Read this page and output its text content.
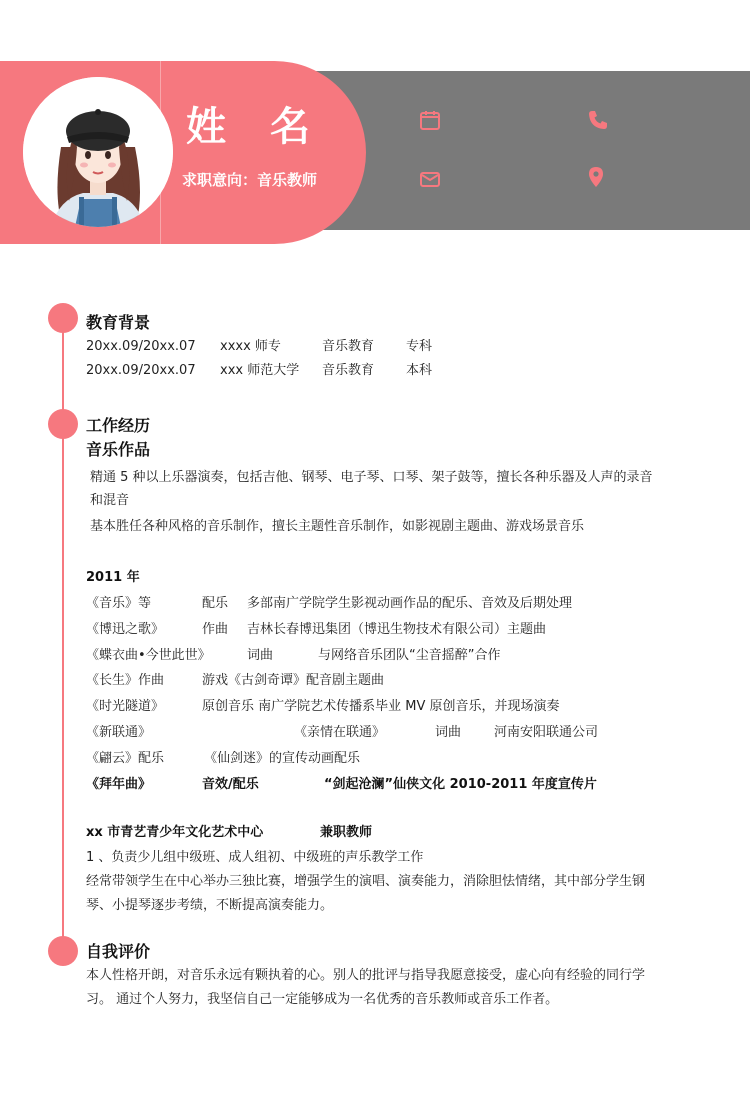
姓名
求职意向：音乐教师
教育背景
20xx.09/20xx.07 xxxx 师专	音乐教育 专科
20xx.09/20xx.07 xxx 师范大学 音乐教育 本科
工作经历
音乐作品
精通 5 种以上乐器演奏，包括吉他、钢琴、电子琴、口琴、架子鼓等，擅长各种乐器及人声的录音
和混音
基本胜任各种风格的音乐制作，擅长主题性音乐制作，如影视剧主题曲、游戏场景音乐
2011 年
《音乐》等	配乐 多部南广学院学生影视动画作品的配乐、音效及后期处理
《博迅之歌》	作曲 吉林长春博迅集团（博迅生物技术有限公司）主题曲
《蝶衣曲•今世此世》	词曲	与网络音乐团队“尘音摇醉”合作
《长生》作曲	游戏《古剑奇谭》配音剧主题曲
《时光隧道》	原创音乐 南广学院艺术传播系毕业 MV 原创音乐，并现场演奏
《新联通》	《亲情在联通》	词曲	河南安阳联通公司
《翩云》配乐	《仙剑迷》的宣传动画配乐
《拜年曲》	音效/配乐	“剑起沧澜”仙侠文化 2010-2011 年度宣传片
xx 市青艺青少年文化艺术中心	兼职教师
1 、负责少儿组中级班、成人组初、中级班的声乐教学工作
经常带领学生在中心举办三独比赛，增强学生的演唱、演奏能力，消除胆怯情绪，其中部分学生钢
琴、小提琴逐步考绩，不断提高演奏能力。
自我评价
本人性格开朗，对音乐永远有颗执着的心。别人的批评与指导我愿意接受，虚心向有经验的同行学
习。 通过个人努力，我坚信自己一定能够成为一名优秀的音乐教师或音乐工作者。
